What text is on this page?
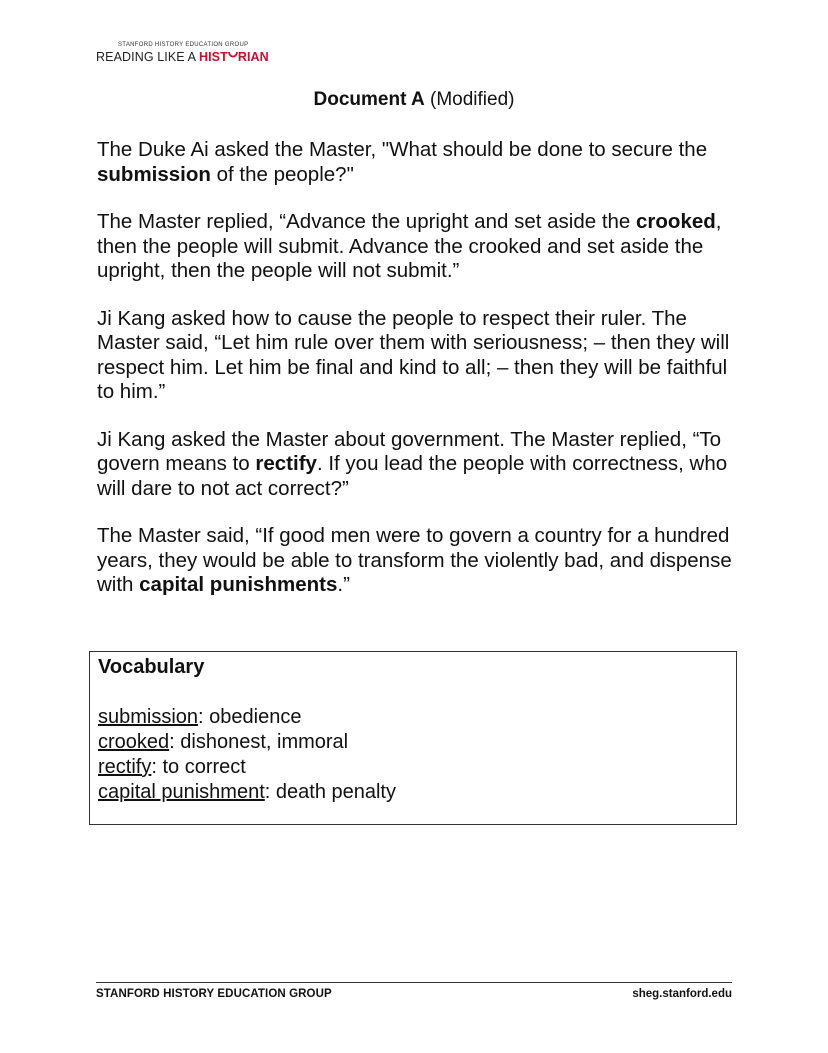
STANFORD HISTORY EDUCATION GROUP
READING LIKE A HIST RIAN
Document A (Modified)

The Duke Ai asked the Master, "What should be done to secure the submission of the people?"

The Master replied, “Advance the upright and set aside the crooked, then the people will submit. Advance the crooked and set aside the upright, then the people will not submit.”

Ji Kang asked how to cause the people to respect their ruler. The Master said, “Let him rule over them with seriousness; – then they will respect him. Let him be final and kind to all; – then they will be faithful to him.”

Ji Kang asked the Master about government. The Master replied, “To govern means to rectify. If you lead the people with correctness, who will dare to not act correct?”

The Master said, “If good men were to govern a country for a hundred years, they would be able to transform the violently bad, and dispense with capital punishments.”

Vocabulary
submission: obedience
crooked: dishonest, immoral
rectify: to correct
capital punishment: death penalty
STANFORD HISTORY EDUCATION GROUP	sheg.stanford.edu
